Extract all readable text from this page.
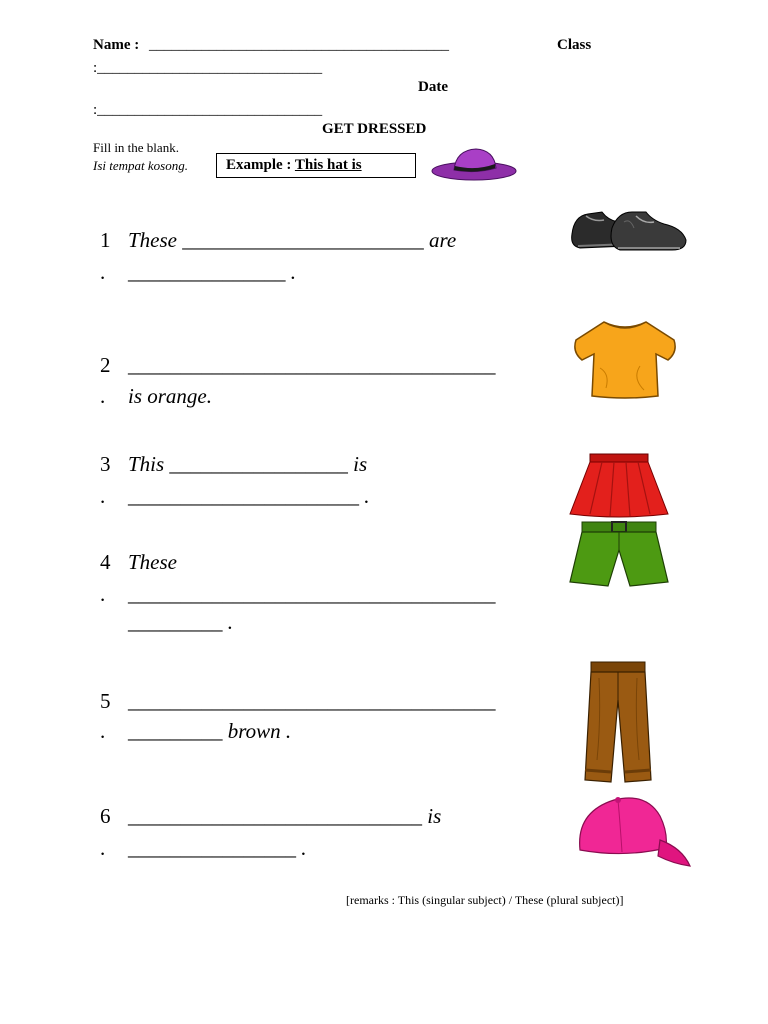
Name : ________________________________________	Class
:______________________________
Date
:______________________________
GET DRESSED
Fill in the blank.
Isi tempat kosong.	Example : This hat is
1 These _______________________ are
. _______________ .
2 ___________________________________
. is orange.
3 This _________________ is
. ______________________ .
4 These
. ___________________________________
_________ .
5 ___________________________________
. _________ brown .
6 ____________________________ is
. ________________ .
[remarks : This (singular subject) / These (plural subject)]
